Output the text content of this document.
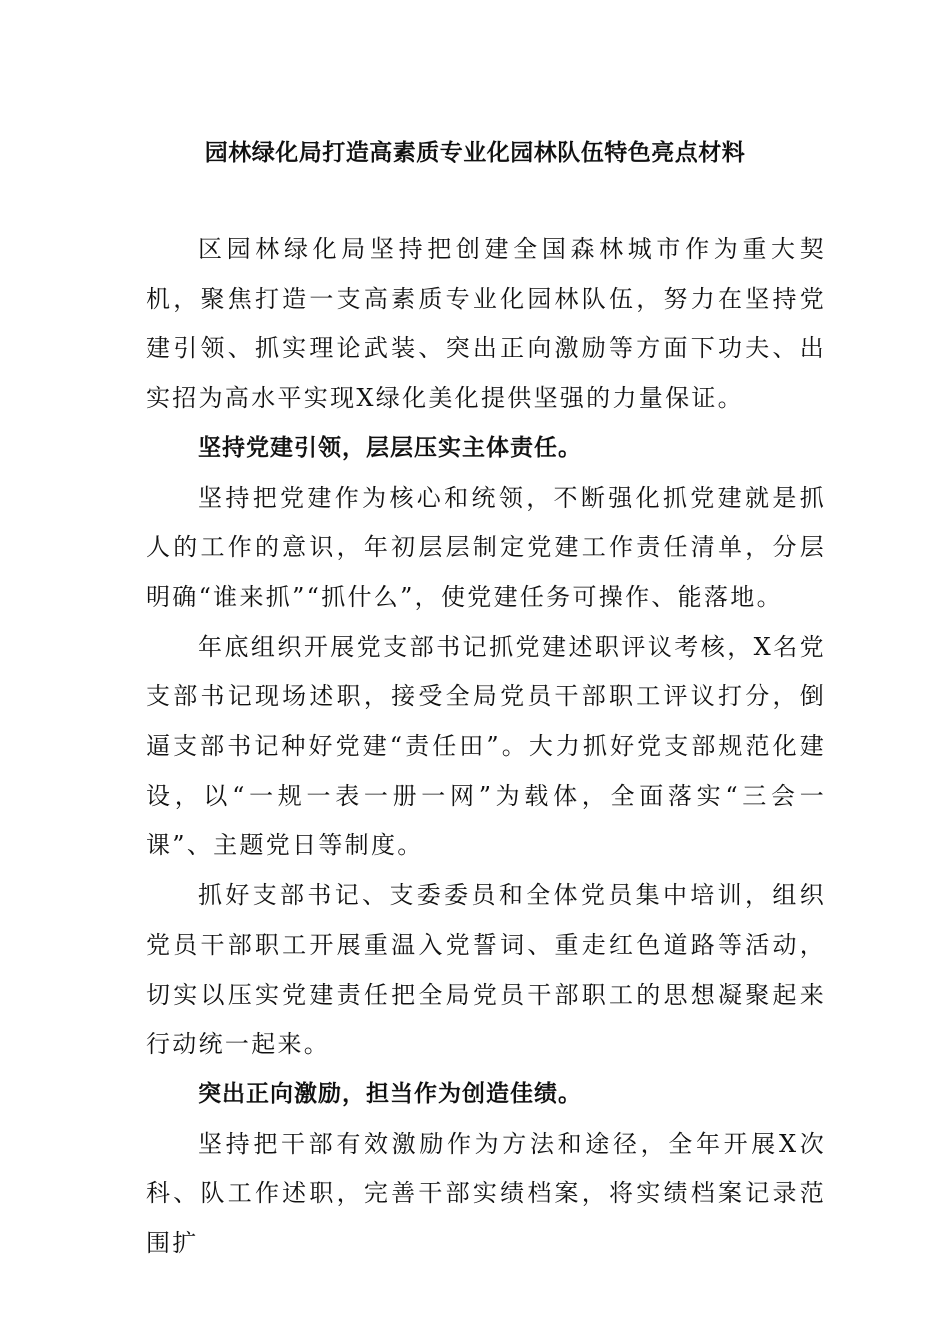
园林绿化局打造高素质专业化园林队伍特色亮点材料

区园林绿化局坚持把创建全国森林城市作为重大契机，聚焦打造一支高素质专业化园林队伍，努力在坚持党建引领、抓实理论武装、突出正向激励等方面下功夫、出实招为高水平实现X绿化美化提供坚强的力量保证。

坚持党建引领，层层压实主体责任。

坚持把党建作为核心和统领，不断强化抓党建就是抓人的工作的意识，年初层层制定党建工作责任清单，分层明确“谁来抓”“抓什么”，使党建任务可操作、能落地。

年底组织开展党支部书记抓党建述职评议考核，X名党支部书记现场述职，接受全局党员干部职工评议打分，倒逼支部书记种好党建“责任田”。大力抓好党支部规范化建设，以“一规一表一册一网”为载体，全面落实“三会一课”、主题党日等制度。

抓好支部书记、支委委员和全体党员集中培训，组织党员干部职工开展重温入党誓词、重走红色道路等活动，切实以压实党建责任把全局党员干部职工的思想凝聚起来行动统一起来。

突出正向激励，担当作为创造佳绩。

坚持把干部有效激励作为方法和途径，全年开展X次科、队工作述职，完善干部实绩档案，将实绩档案记录范围扩
